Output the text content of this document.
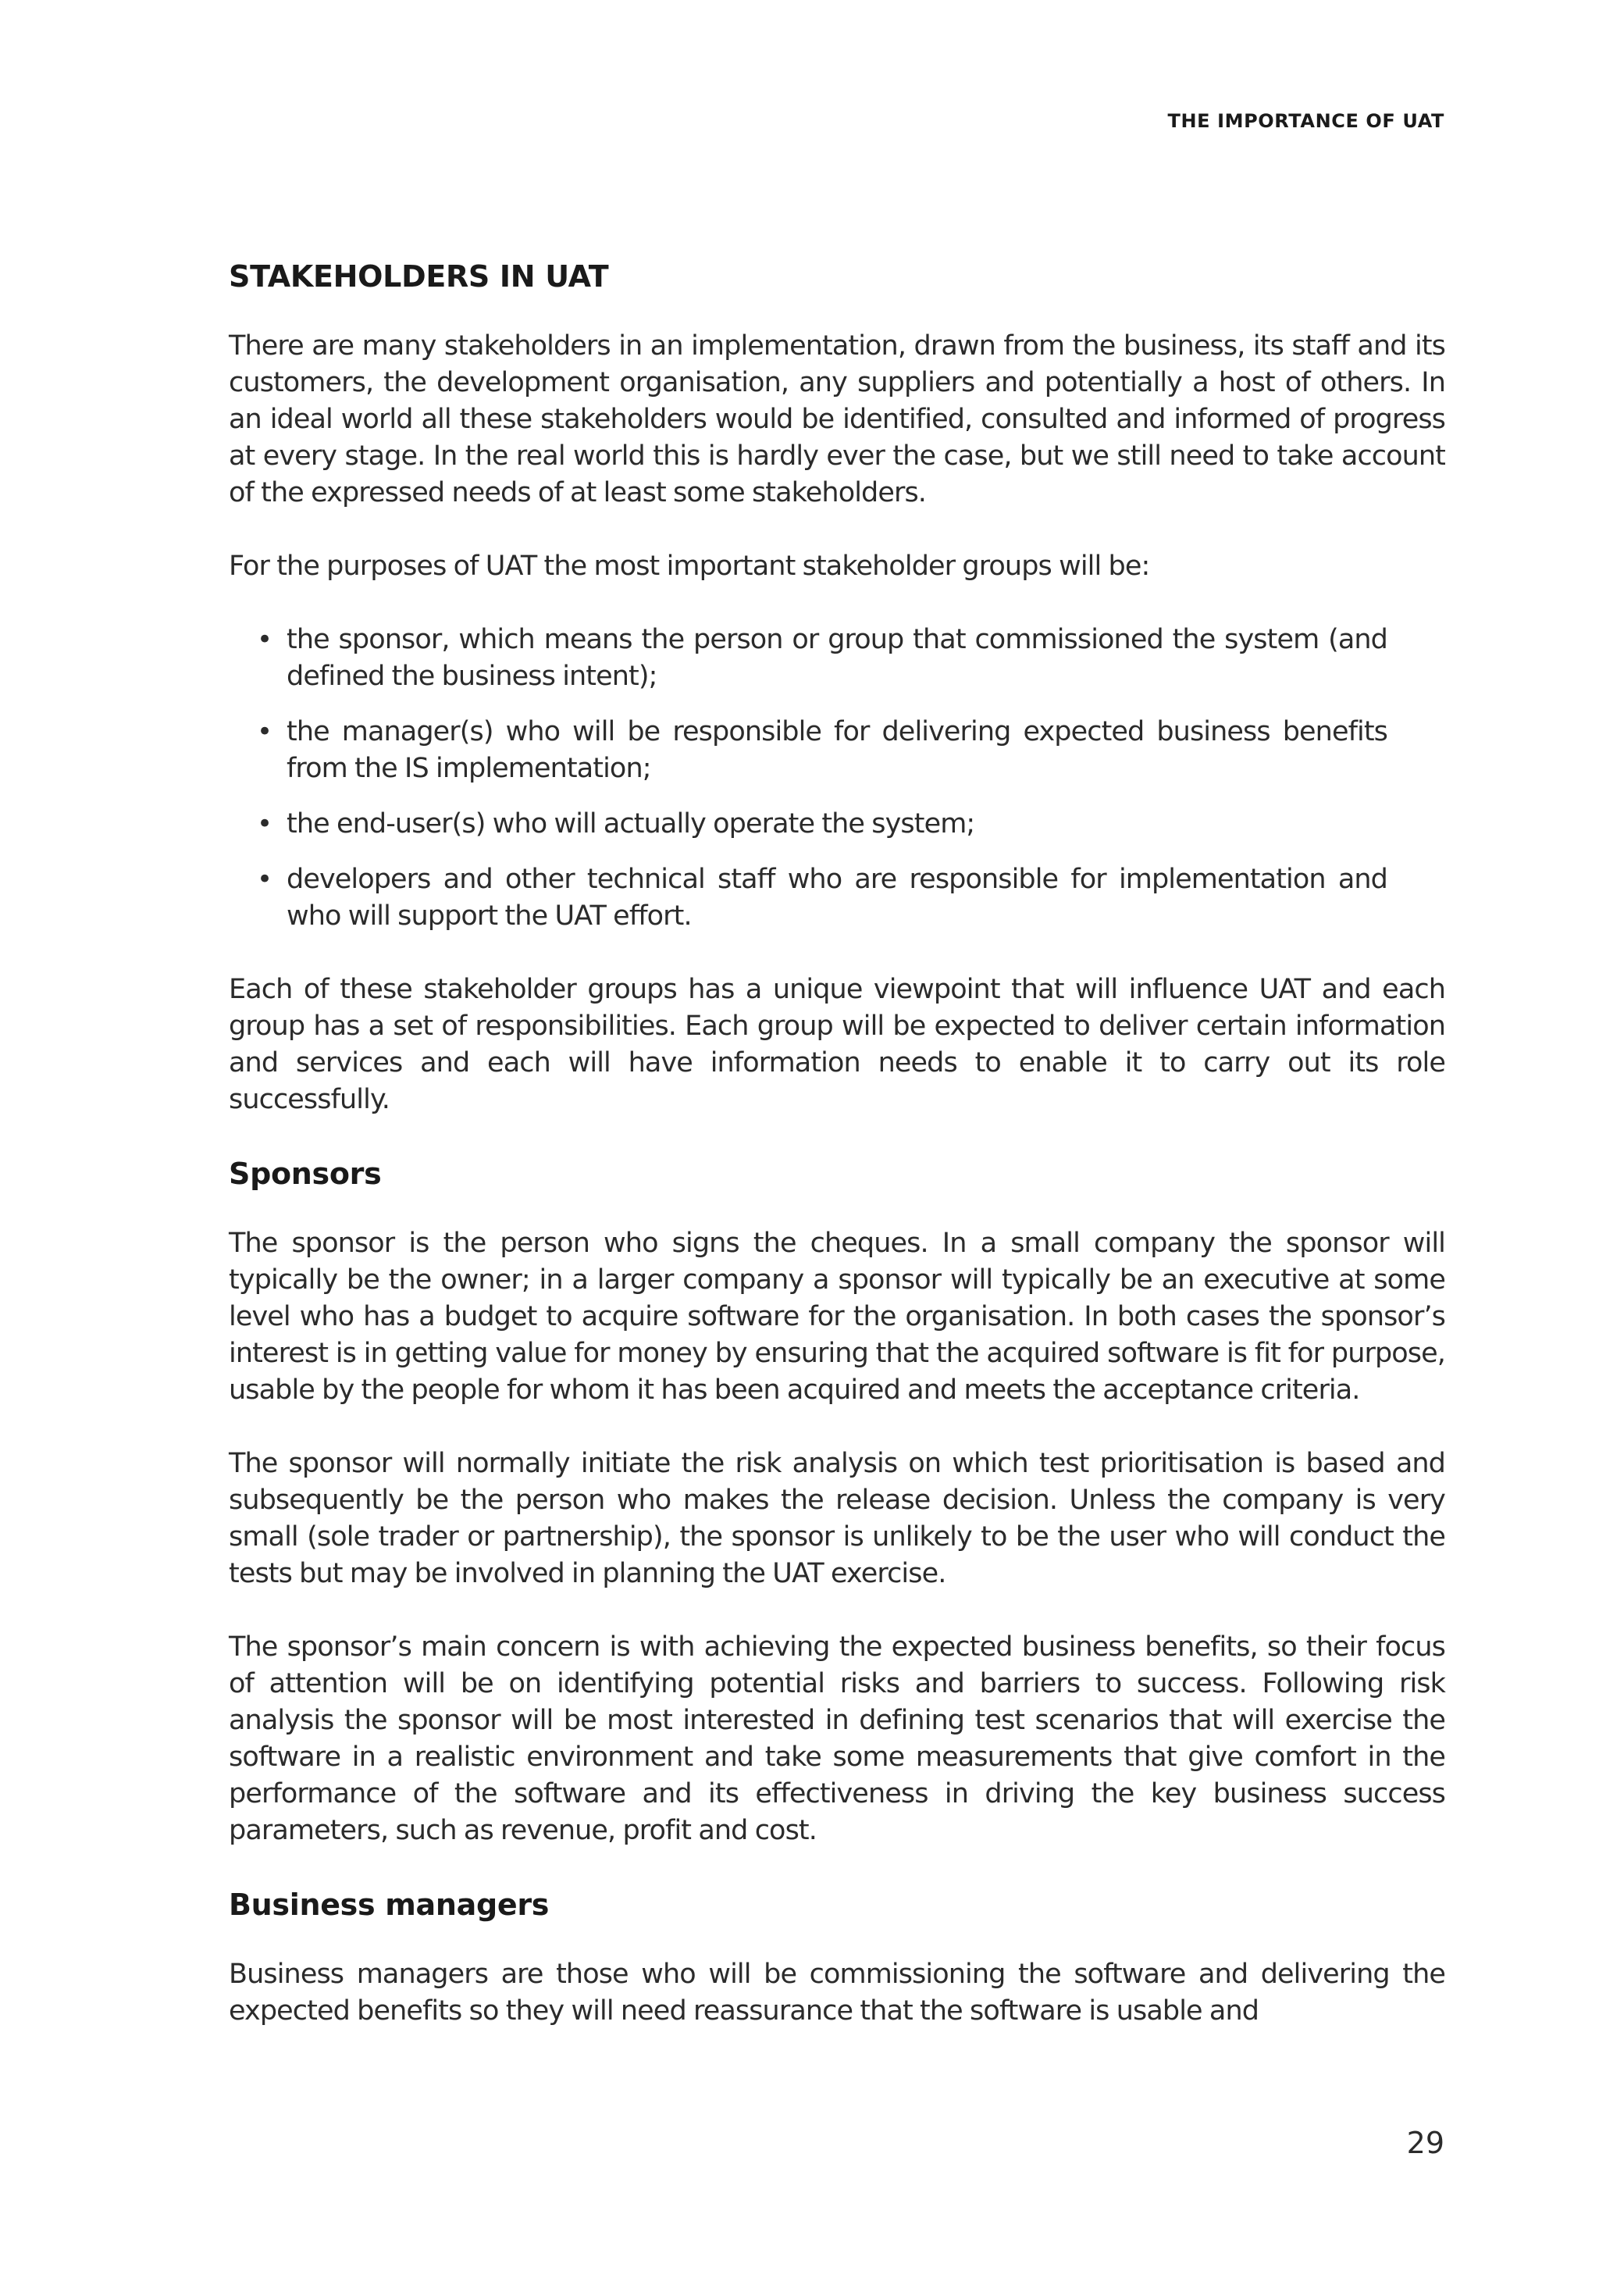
THE IMPORTANCE OF UAT
STAKEHOLDERS IN UAT

There are many stakeholders in an implementation, drawn from the business, its staff and its customers, the development organisation, any suppliers and potentially a host of others. In an ideal world all these stakeholders would be identified, consulted and informed of progress at every stage. In the real world this is hardly ever the case, but we still need to take account of the expressed needs of at least some stakeholders.

For the purposes of UAT the most important stakeholder groups will be:

• the sponsor, which means the person or group that commissioned the system (and defined the business intent);
• the manager(s) who will be responsible for delivering expected business benefits from the IS implementation;
• the end-user(s) who will actually operate the system;
• developers and other technical staff who are responsible for implementation and who will support the UAT effort.

Each of these stakeholder groups has a unique viewpoint that will influence UAT and each group has a set of responsibilities. Each group will be expected to deliver certain information and services and each will have information needs to enable it to carry out its role successfully.

Sponsors

The sponsor is the person who signs the cheques. In a small company the sponsor will typically be the owner; in a larger company a sponsor will typically be an executive at some level who has a budget to acquire software for the organisation. In both cases the sponsor’s interest is in getting value for money by ensuring that the acquired software is fit for purpose, usable by the people for whom it has been acquired and meets the acceptance criteria.

The sponsor will normally initiate the risk analysis on which test prioritisation is based and subsequently be the person who makes the release decision. Unless the company is very small (sole trader or partnership), the sponsor is unlikely to be the user who will conduct the tests but may be involved in planning the UAT exercise.

The sponsor’s main concern is with achieving the expected business benefits, so their focus of attention will be on identifying potential risks and barriers to success. Following risk analysis the sponsor will be most interested in defining test scenarios that will exercise the software in a realistic environment and take some measurements that give comfort in the performance of the software and its effectiveness in driving the key business success parameters, such as revenue, profit and cost.

Business managers

Business managers are those who will be commissioning the software and delivering the expected benefits so they will need reassurance that the software is usable and

29
